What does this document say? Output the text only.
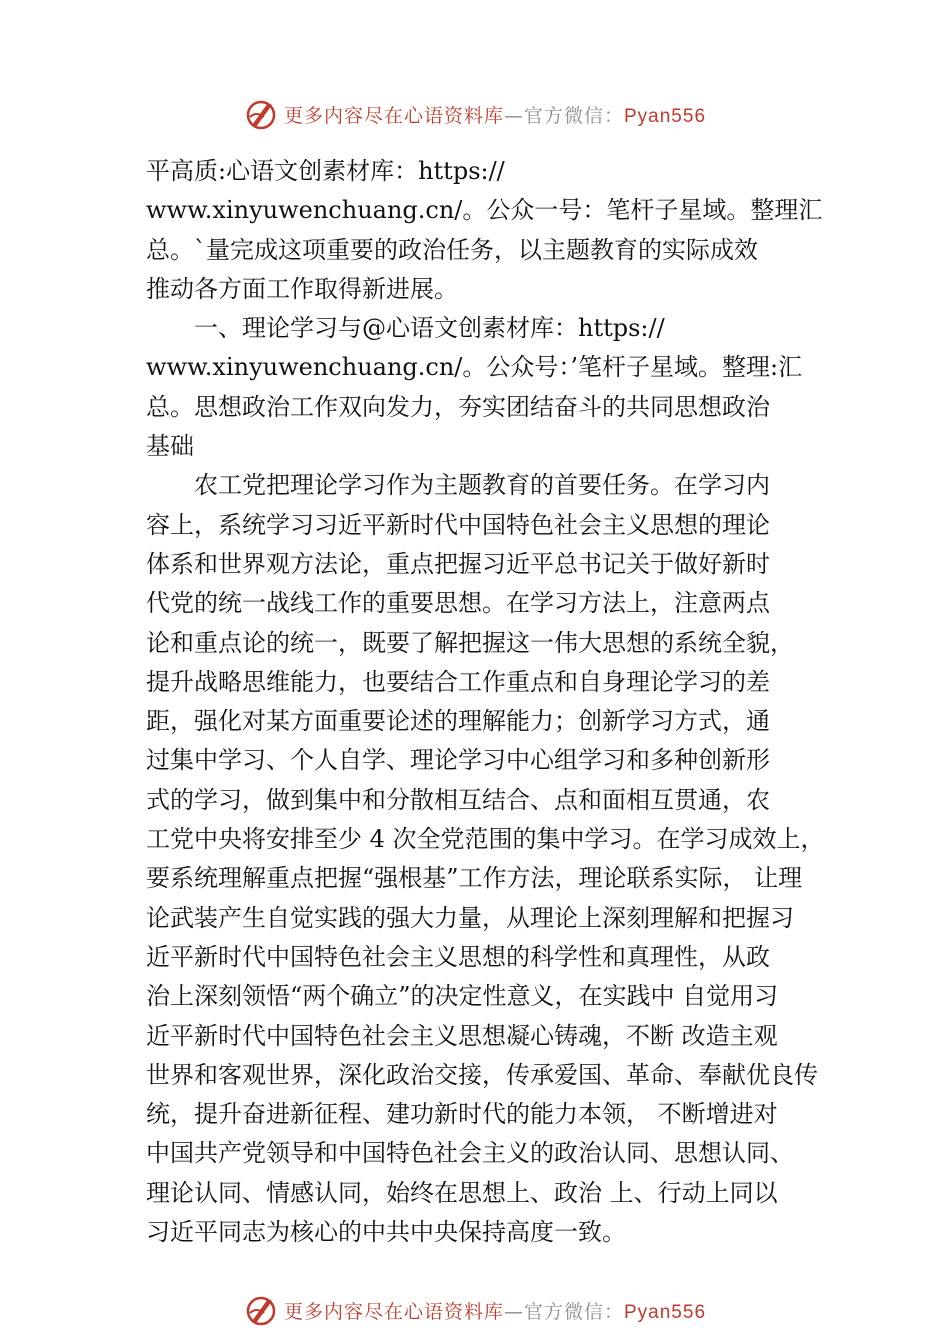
更多内容尽在心语资料库—官方微信：Pyan556
平高质:心语文创素材库：https://
www.xinyuwenchuang.cn/。公众一号：笔杆子星域。整理汇
总。`量完成这项重要的政治任务，以主题教育的实际成效
推动各方面工作取得新进展。
　　一、理论学习与@心语文创素材库：https://
www.xinyuwenchuang.cn/。公众号：’笔杆子星域。整理:汇
总。思想政治工作双向发力，夯实团结奋斗的共同思想政治
基础
　　农工党把理论学习作为主题教育的首要任务。在学习内
容上，系统学习习近平新时代中国特色社会主义思想的理论
体系和世界观方法论，重点把握习近平总书记关于做好新时
代党的统一战线工作的重要思想。在学习方法上，注意两点
论和重点论的统一，既要了解把握这一伟大思想的系统全貌，
提升战略思维能力，也要结合工作重点和自身理论学习的差
距，强化对某方面重要论述的理解能力；创新学习方式，通
过集中学习、个人自学、理论学习中心组学习和多种创新形
式的学习，做到集中和分散相互结合、点和面相互贯通，农
工党中央将安排至少 4 次全党范围的集中学习。在学习成效上，
要系统理解重点把握“强根基”工作方法，理论联系实际， 让理
论武装产生自觉实践的强大力量，从理论上深刻理解和把握习
近平新时代中国特色社会主义思想的科学性和真理性，从政
治上深刻领悟“两个确立”的决定性意义，在实践中 自觉用习
近平新时代中国特色社会主义思想凝心铸魂，不断 改造主观
世界和客观世界，深化政治交接，传承爱国、革命、奉献优良传
统，提升奋进新征程、建功新时代的能力本领， 不断增进对
中国共产党领导和中国特色社会主义的政治认同、思想认同、
理论认同、情感认同，始终在思想上、政治 上、行动上同以
习近平同志为核心的中共中央保持高度一致。
更多内容尽在心语资料库—官方微信：Pyan556
